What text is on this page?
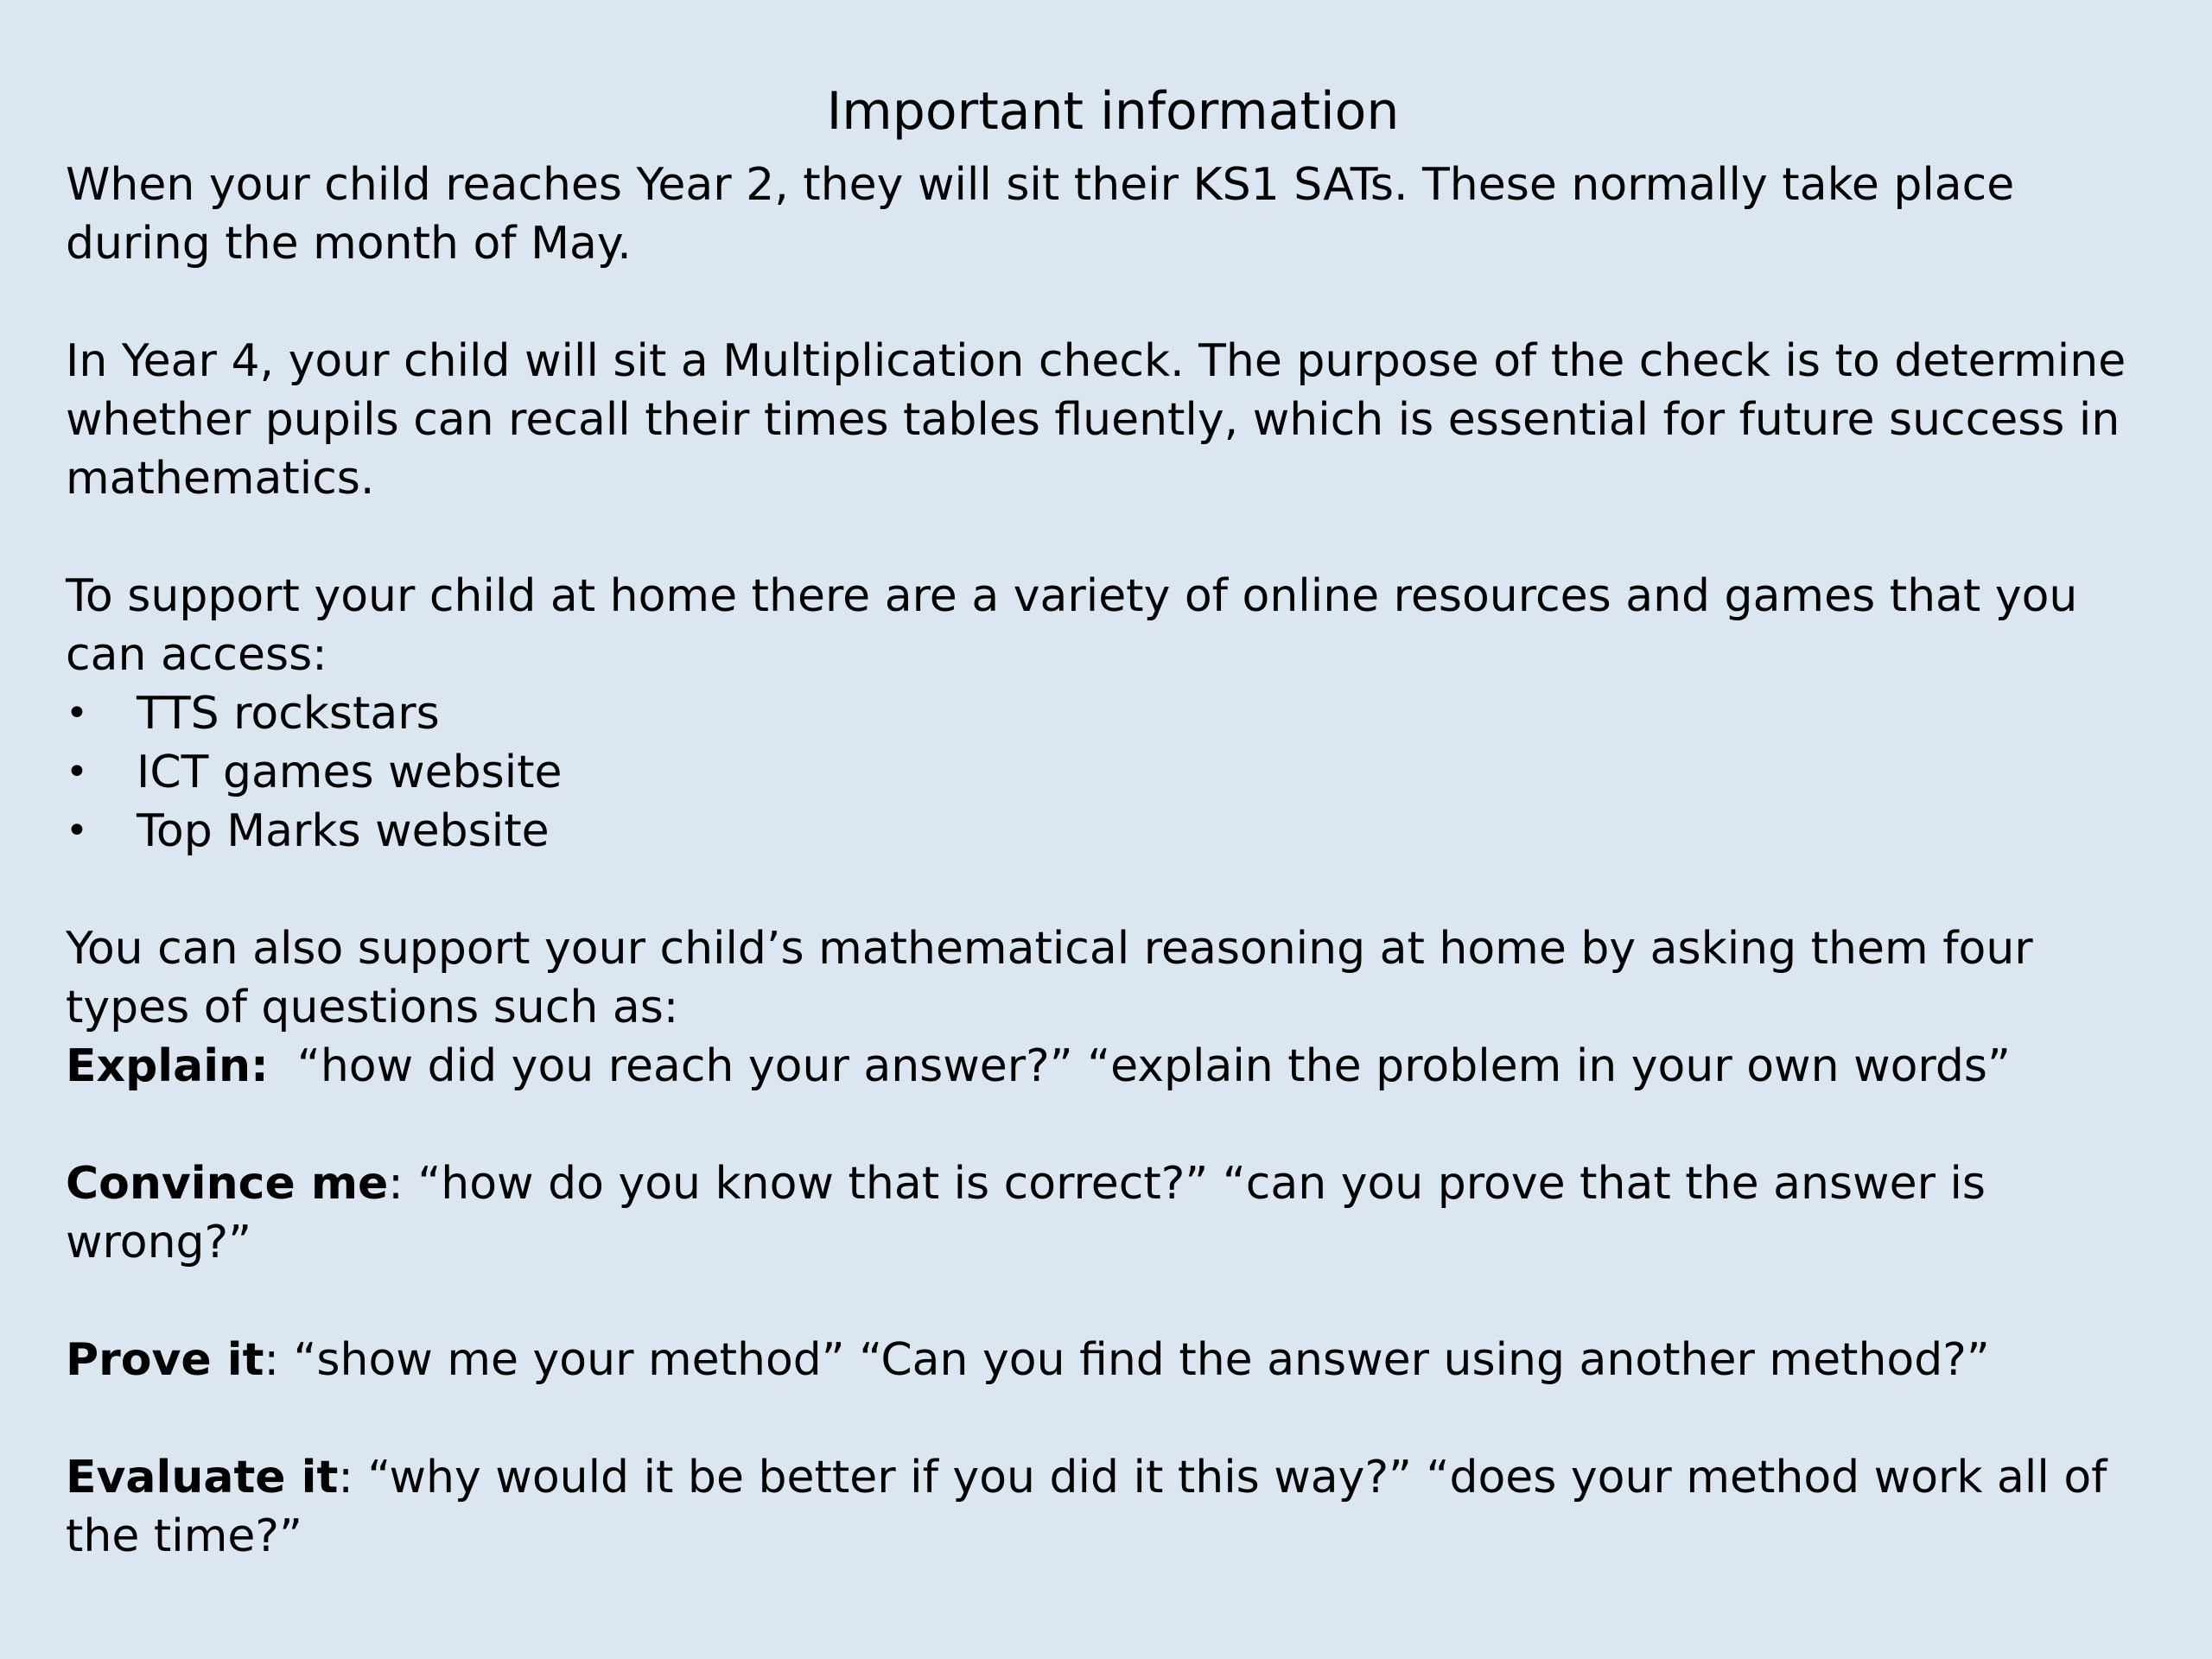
Important information

When your child reaches Year 2, they will sit their KS1 SATs. These normally take place during the month of May.

In Year 4, your child will sit a Multiplication check. The purpose of the check is to determine whether pupils can recall their times tables fluently, which is essential for future success in mathematics.

To support your child at home there are a variety of online resources and games that you can access:

• TTS rockstars
• ICT games website
• Top Marks website

You can also support your child’s mathematical reasoning at home by asking them four types of questions such as:

Explain:  “how did you reach your answer?” “explain the problem in your own words”
Convince me: “how do you know that is correct?” “can you prove that the answer is wrong?”
Prove it: “show me your method” “Can you find the answer using another method?”
Evaluate it: “why would it be better if you did it this way?” “does your method work all of the time?”
